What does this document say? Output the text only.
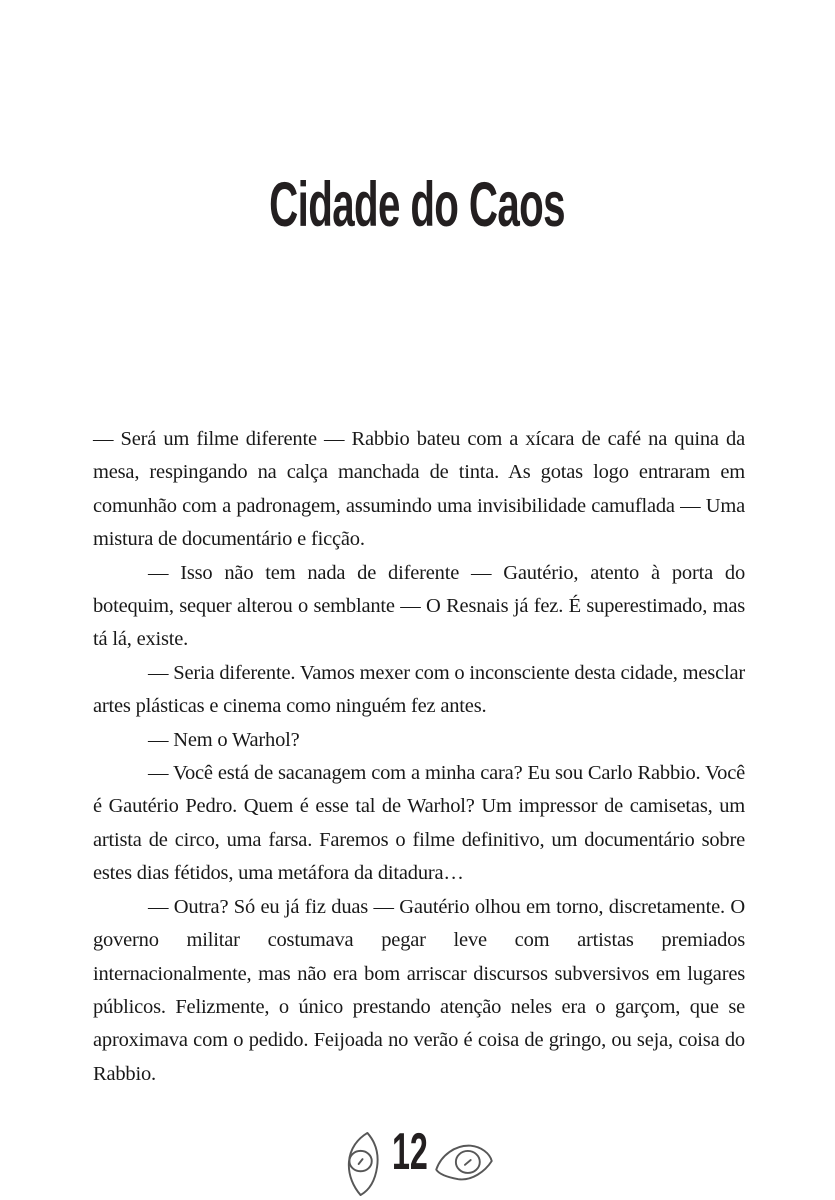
Cidade do Caos

— Será um filme diferente — Rabbio bateu com a xícara de café na quina da mesa, respingando na calça manchada de tinta. As gotas logo entraram em comunhão com a padronagem, assumindo uma invisibilidade camuflada — Uma mistura de documentário e ficção.

— Isso não tem nada de diferente — Gautério, atento à porta do botequim, sequer alterou o semblante — O Resnais já fez. É superestimado, mas tá lá, existe.

— Seria diferente. Vamos mexer com o inconsciente desta cidade, mesclar artes plásticas e cinema como ninguém fez antes.

— Nem o Warhol?

— Você está de sacanagem com a minha cara? Eu sou Carlo Rabbio. Você é Gautério Pedro. Quem é esse tal de Warhol? Um impressor de camisetas, um artista de circo, uma farsa. Faremos o filme definitivo, um documentário sobre estes dias fétidos, uma metáfora da ditadura…

— Outra? Só eu já fiz duas — Gautério olhou em torno, discretamente. O governo militar costumava pegar leve com artistas premiados internacionalmente, mas não era bom arriscar discursos subversivos em lugares públicos. Felizmente, o único prestando atenção neles era o garçom, que se aproximava com o pedido. Feijoada no verão é coisa de gringo, ou seja, coisa do Rabbio.

12
